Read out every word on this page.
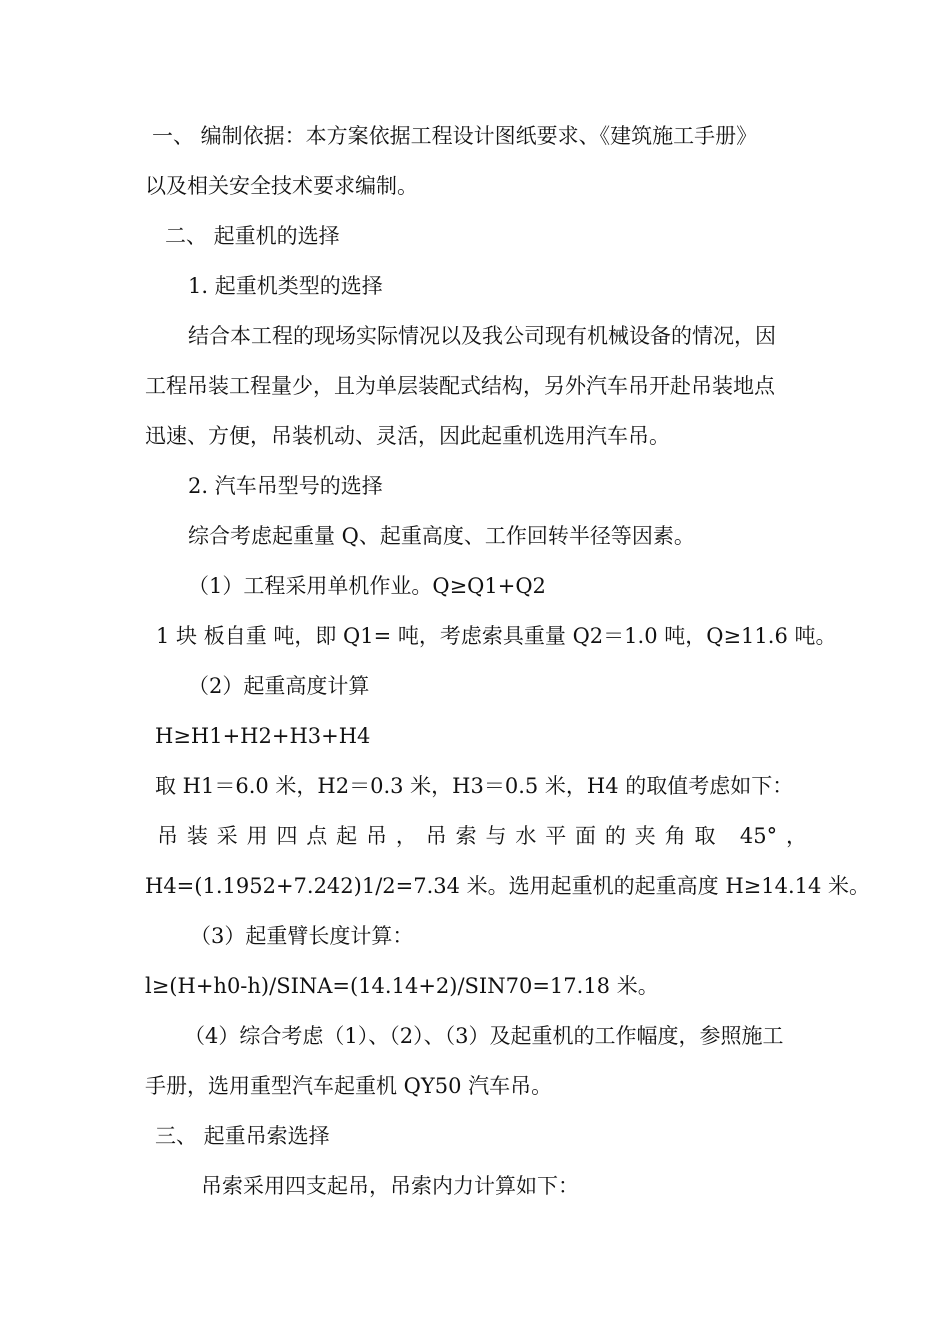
一、 编制依据：本方案依据工程设计图纸要求、《建筑施工手册》
以及相关安全技术要求编制。
二、 起重机的选择
1. 起重机类型的选择
结合本工程的现场实际情况以及我公司现有机械设备的情况，因
工程吊装工程量少，且为单层装配式结构，另外汽车吊开赴吊装地点
迅速、方便，吊装机动、灵活，因此起重机选用汽车吊。
2. 汽车吊型号的选择
综合考虑起重量 Q、起重高度、工作回转半径等因素。
（1）工程采用单机作业。Q≥Q1+Q2
1 块 板自重 吨，即 Q1= 吨，考虑索具重量 Q2＝1.0 吨，Q≥11.6 吨。
（2）起重高度计算
H≥H1+H2+H3+H4
取 H1＝6.0 米，H2＝0.3 米，H3＝0.5 米，H4 的取值考虑如下：
吊装采用四点起吊，吊索与水平面的夹角取 45°，
H4=(1.1952+7.242)1/2=7.34 米。选用起重机的起重高度 H≥14.14 米。
（3）起重臂长度计算：
l≥(H+h0-h)/SINA=(14.14+2)/SIN70=17.18 米。
（4）综合考虑（1）、（2）、（3）及起重机的工作幅度，参照施工
手册，选用重型汽车起重机 QY50 汽车吊。
三、 起重吊索选择
吊索采用四支起吊，吊索内力计算如下：
